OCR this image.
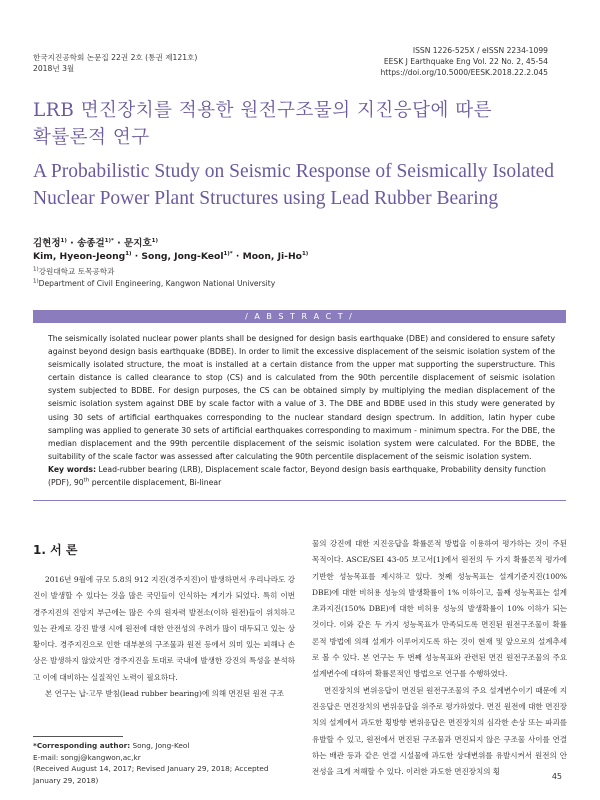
한국지진공학회 논문집 22권 2호 (통권 제121호)
2018년 3월
ISSN 1226-525X / eISSN 2234-1099
EESK J Earthquake Eng Vol. 22 No. 2, 45-54
https://doi.org/10.5000/EESK.2018.22.2.045
LRB 면진장치를 적용한 원전구조물의 지진응답에 따른
확률론적 연구
A Probabilistic Study on Seismic Response of Seismically Isolated
Nuclear Power Plant Structures using Lead Rubber Bearing
김현정$^{1)}$ · 송종걸$^{1)*}$ · 문지호$^{1)}$
Kim, Hyeon-Jeong$^{1)}$ · Song, Jong-Keol$^{1)*}$ · Moon, Ji-Ho$^{1)}$
$^{1)}$강원대학교 토목공학과
$^{1)}$Department of Civil Engineering, Kangwon National University
/ A B S T R A C T /
The seismically isolated nuclear power plants shall be designed for design basis earthquake (DBE) and considered to ensure safety against beyond design basis earthquake (BDBE). In order to limit the excessive displacement of the seismic isolation system of the seismically isolated structure, the moat is installed at a certain distance from the upper mat supporting the superstructure. This certain distance is called clearance to stop (CS) and is calculated from the 90th percentile displacement of seismic isolation system subjected to BDBE. For design purposes, the CS can be obtained simply by multiplying the median displacement of the seismic isolation system against DBE by scale factor with a value of 3. The DBE and BDBE used in this study were generated by using 30 sets of artificial earthquakes corresponding to the nuclear standard design spectrum. In addition, latin hyper cube sampling was applied to generate 30 sets of artificial earthquakes corresponding to maximum - minimum spectra. For the DBE, the median displacement and the 99th percentile displacement of the seismic isolation system were calculated. For the BDBE, the suitability of the scale factor was assessed after calculating the 90th percentile displacement of the seismic isolation system.
Key words: Lead-rubber bearing (LRB), Displacement scale factor, Beyond design basis earthquake, Probability density function (PDF), 90th percentile displacement, Bi-linear
1. 서 론

2016년 9월에 규모 5.8의 912 지진(경주지진)이 발생하면서 우리나라도 강진이 발생할 수 있다는 것을 많은 국민들이 인식하는 계기가 되었다. 특히 이번 경주지진의 진앙지 부근에는 많은 수의 원자력 발전소(이하 원전)들이 위치하고 있는 관계로 강진 발생 시에 원전에 대한 안전성의 우려가 많이 대두되고 있는 상황이다. 경주지진으로 인한 대부분의 구조물과 원전 등에서 의미 있는 피해나 손상은 발생하지 않았지만 경주지진을 토대로 국내에 발생한 강진의 특성을 분석하고 이에 대비하는 실질적인 노력이 필요하다.

본 연구는 납-고무 받침(lead rubber bearing)에 의해 면진된 원전 구조

물의 강진에 대한 지진응답을 확률론적 방법을 이용하여 평가하는 것이 주된 목적이다. ASCE/SEI 43-05 보고서[1]에서 원전의 두 가지 확률론적 평가에 기반한 성능목표를 제시하고 있다. 첫째 성능목표는 설계기준지진(100% DBE)에 대한 비허용 성능의 발생확률이 1% 이하이고, 둘째 성능목표는 설계초과지진(150% DBE)에 대한 비허용 성능의 발생확률이 10% 이하가 되는 것이다. 이와 같은 두 가지 성능목표가 만족되도록 면진된 원전구조물이 확률론적 방법에 의해 설계가 이루어지도록 하는 것이 현재 및 앞으로의 설계추세로 볼 수 있다. 본 연구는 두 번째 성능목표와 관련된 면진 원전구조물의 주요 설계변수에 대하여 확률론적인 방법으로 연구를 수행하였다.

면진장치의 변위응답이 면진된 원전구조물의 주요 설계변수이기 때문에 지진응답은 면진장치의 변위응답을 위주로 평가하였다. 면진 원전에 대한 면진장치의 설계에서 과도한 횡방향 변위응답은 면진장치의 심각한 손상 또는 파괴를 유발할 수 있고, 원전에서 면진된 구조물과 면진되지 않은 구조물 사이를 연결하는 배관 등과 같은 연결 시설물에 과도한 상대변위를 유발시켜서 원전의 안전성을 크게 저해할 수 있다. 이러한 과도한 면진장치의 횡

*Corresponding author: Song, Jong-Keol
E-mail: songj@kangwon,ac,kr
(Received August 14, 2017; Revised January 29, 2018; Accepted January 29, 2018)	45
